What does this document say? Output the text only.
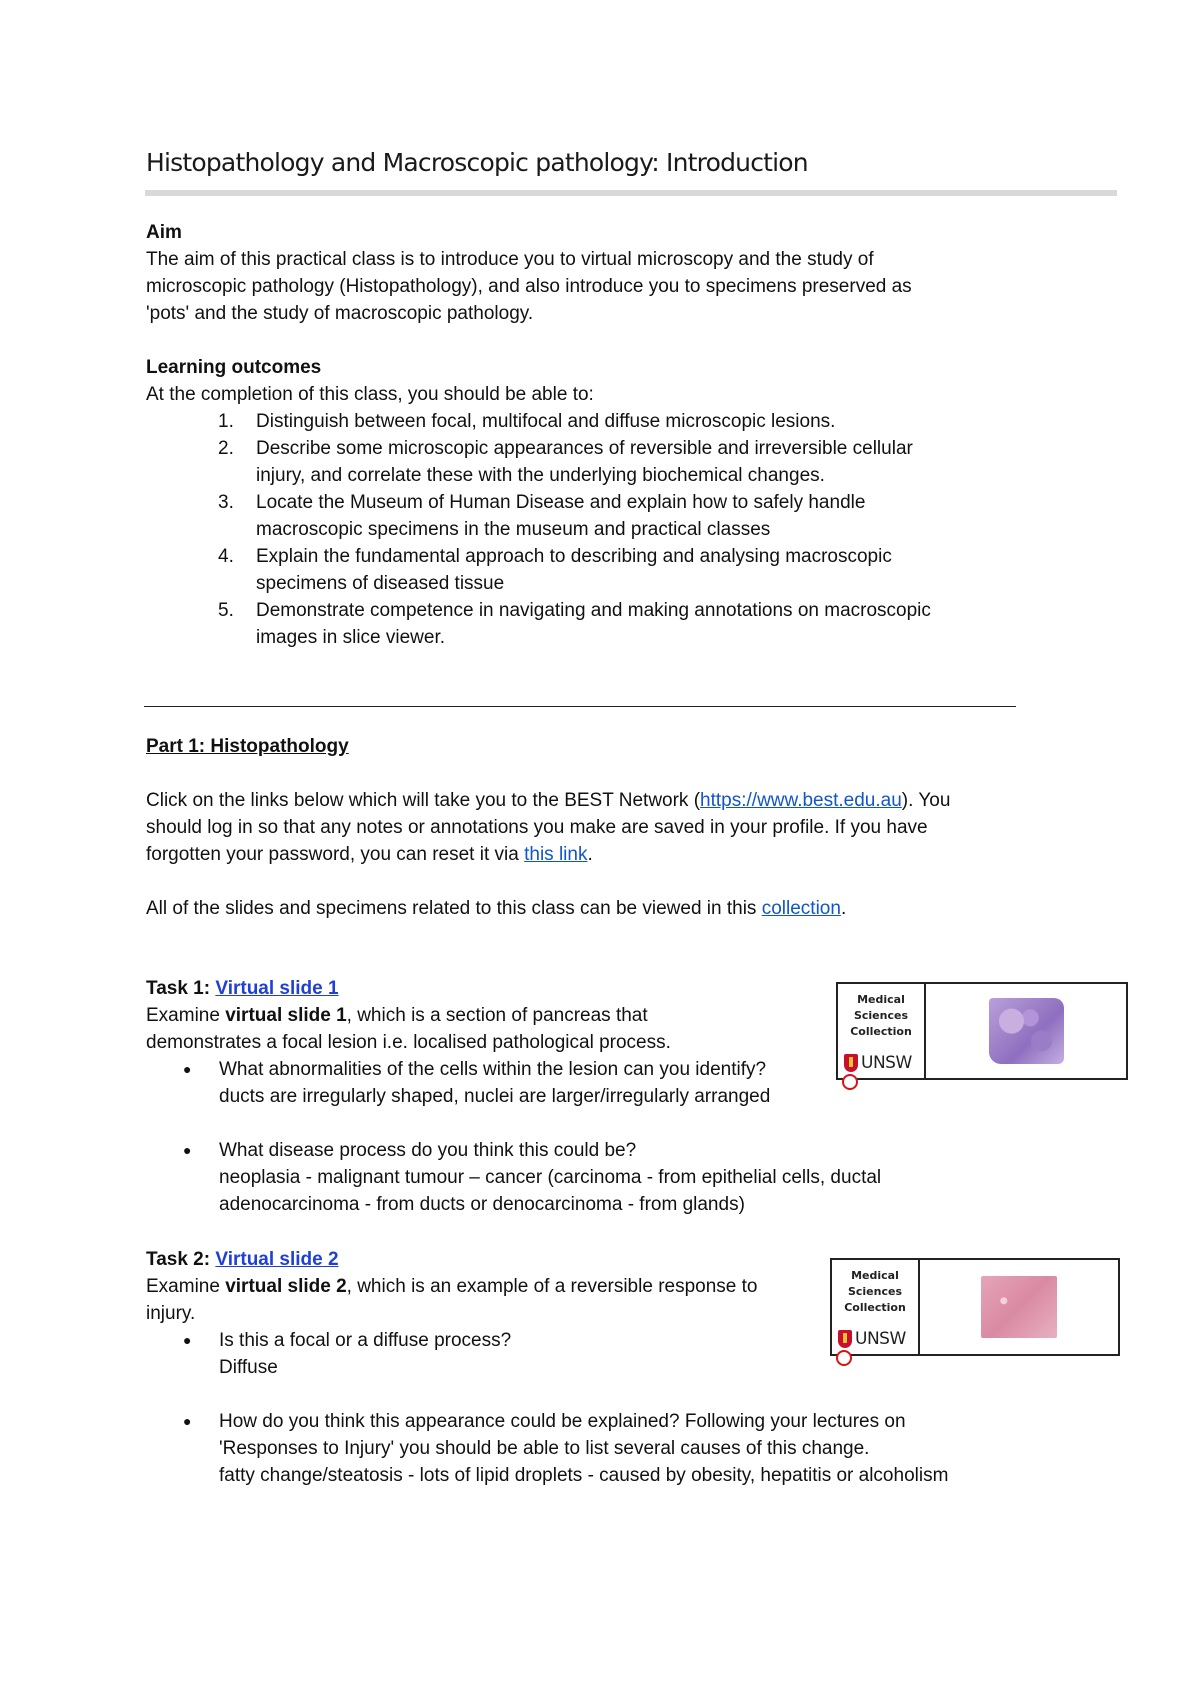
Histopathology and Macroscopic pathology: Introduction
Aim
The aim of this practical class is to introduce you to virtual microscopy and the study of
microscopic pathology (Histopathology), and also introduce you to specimens preserved as
'pots' and the study of macroscopic pathology.
Learning outcomes
At the completion of this class, you should be able to:
1. Distinguish between focal, multifocal and diffuse microscopic lesions.
2. Describe some microscopic appearances of reversible and irreversible cellular
injury, and correlate these with the underlying biochemical changes.
3. Locate the Museum of Human Disease and explain how to safely handle
macroscopic specimens in the museum and practical classes
4. Explain the fundamental approach to describing and analysing macroscopic
specimens of diseased tissue
5. Demonstrate competence in navigating and making annotations on macroscopic
images in slice viewer.
Part 1: Histopathology
Click on the links below which will take you to the BEST Network (https://www.best.edu.au). You
should log in so that any notes or annotations you make are saved in your profile. If you have
forgotten your password, you can reset it via this link.
All of the slides and specimens related to this class can be viewed in this collection.
Task 1: Virtual slide 1
Examine virtual slide 1, which is a section of pancreas that
demonstrates a focal lesion i.e. localised pathological process.
● What abnormalities of the cells within the lesion can you identify?
ducts are irregularly shaped, nuclei are larger/irregularly arranged
● What disease process do you think this could be?
neoplasia - malignant tumour – cancer (carcinoma - from epithelial cells, ductal
adenocarcinoma - from ducts or denocarcinoma - from glands)
Medical
Sciences
Collection
UNSW
Task 2: Virtual slide 2
Examine virtual slide 2, which is an example of a reversible response to
injury.
● Is this a focal or a diffuse process?
Diffuse
● How do you think this appearance could be explained? Following your lectures on
'Responses to Injury' you should be able to list several causes of this change.
fatty change/steatosis - lots of lipid droplets - caused by obesity, hepatitis or alcoholism
Medical
Sciences
Collection
UNSW
